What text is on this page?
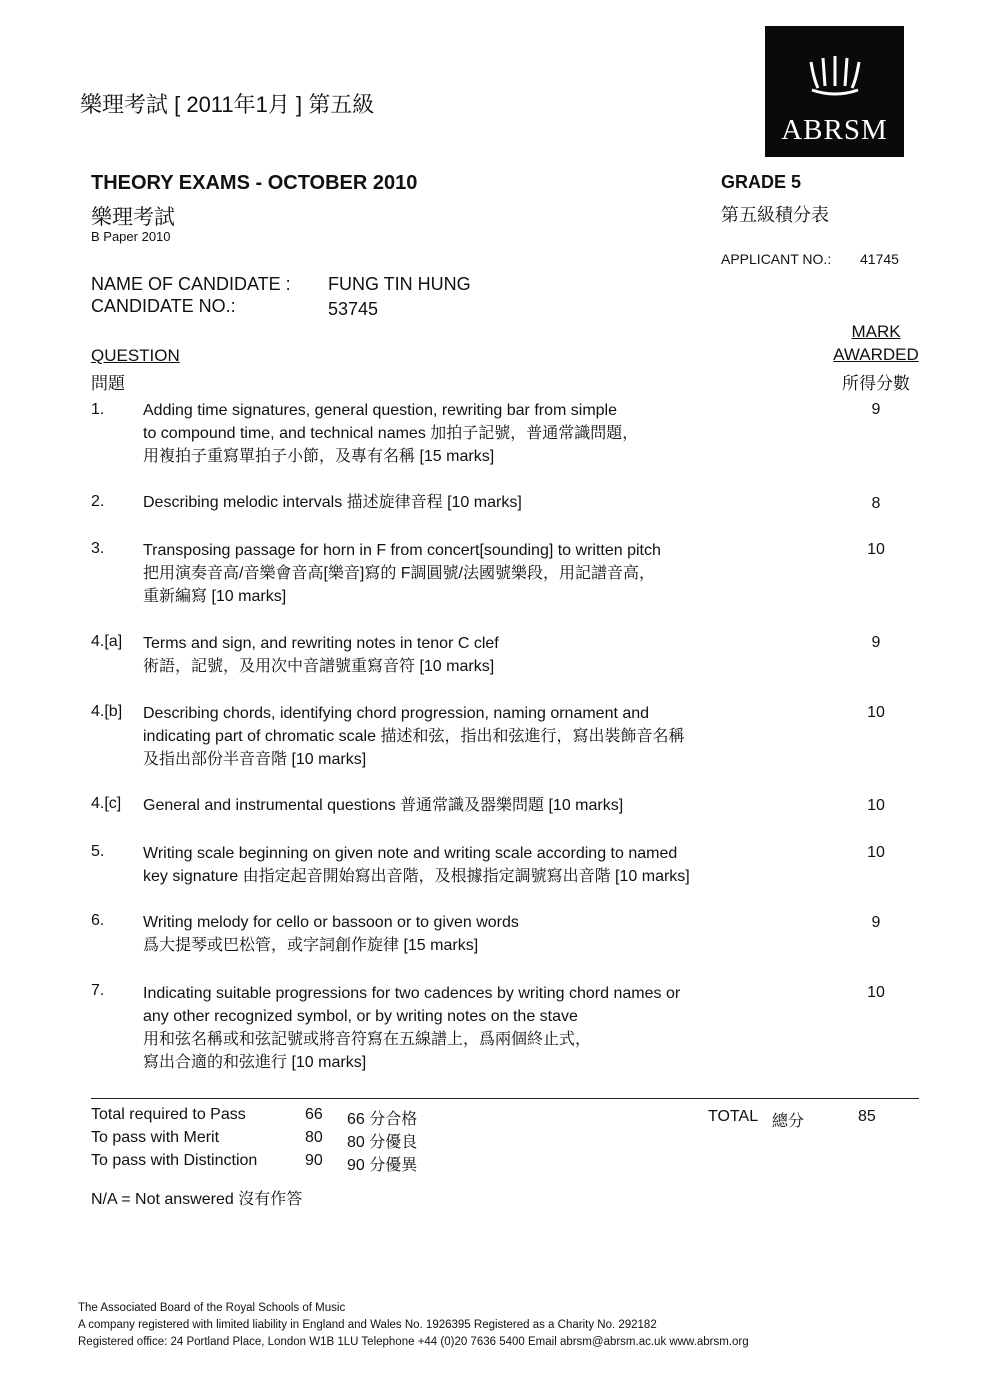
樂理考試 [ 2011年1月 ] 第五級
ABRSM
THEORY EXAMS - OCTOBER 2010
樂理考試
B Paper 2010
GRADE 5
第五級積分表
APPLICANT NO.: 41745
NAME OF CANDIDATE : FUNG TIN HUNG
CANDIDATE NO.:	53745
MARK
AWARDED
所得分數
QUESTION
問題
1. Adding time signatures, general question, rewriting bar from simple
to compound time, and technical names 加拍子記號，普通常識問題，
用複拍子重寫單拍子小節，及專有名稱 [15 marks]
9
2. Describing melodic intervals 描述旋律音程 [10 marks]	8
3. Transposing passage for horn in F from concert[sounding] to written pitch
把用演奏音高/音樂會音高[樂音]寫的 F調圓號/法國號樂段，用記譜音高，
重新編寫 [10 marks]
10
4.[a] Terms and sign, and rewriting notes in tenor C clef
術語，記號，及用次中音譜號重寫音符 [10 marks]
9
4.[b] Describing chords, identifying chord progression, naming ornament and
indicating part of chromatic scale 描述和弦，指出和弦進行，寫出裝飾音名稱
及指出部份半音音階 [10 marks]
10
4.[c] General and instrumental questions 普通常識及器樂問題 [10 marks]	10
5. Writing scale beginning on given note and writing scale according to named
key signature 由指定起音開始寫出音階，及根據指定調號寫出音階 [10 marks]
10
6. Writing melody for cello or bassoon or to given words
爲大提琴或巴松管，或字詞創作旋律 [15 marks]
9
7. Indicating suitable progressions for two cadences by writing chord names or
any other recognized symbol, or by writing notes on the stave
用和弦名稱或和弦記號或將音符寫在五線譜上，爲兩個終止式，
寫出合適的和弦進行 [10 marks]
10
Total required to Pass	66 66 分合格
To pass with Merit	80 80 分優良
To pass with Distinction	90 90 分優異
TOTAL 總分	85
N/A = Not answered 沒有作答
The Associated Board of the Royal Schools of Music
A company registered with limited liability in England and Wales No. 1926395 Registered as a Charity No. 292182
Registered office: 24 Portland Place, London W1B 1LU Telephone +44 (0)20 7636 5400 Email abrsm@abrsm.ac.uk www.abrsm.org
